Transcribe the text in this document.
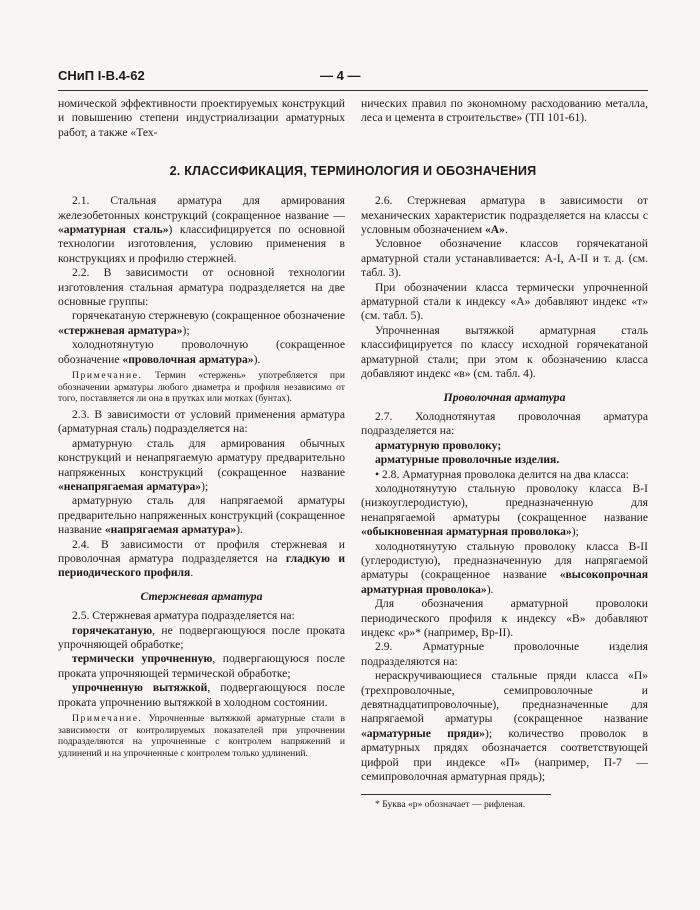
СНиП I-В.4-62	— 4 —

номической эффективности проектируемых конструкций и повышению степени индустриализации арматурных работ, а также «Тех-

нических правил по экономному расходованию металла, леса и цемента в строительстве» (ТП 101-61).

2. КЛАССИФИКАЦИЯ, ТЕРМИНОЛОГИЯ И ОБОЗНАЧЕНИЯ

2.1. Стальная арматура для армирования железобетонных конструкций (сокращенное название — «арматурная сталь») классифицируется по основной технологии изготовления, условию применения в конструкциях и профилю стержней.

2.2. В зависимости от основной технологии изготовления стальная арматура подразделяется на две основные группы:

горячекатаную стержневую (сокращенное обозначение «стержневая арматура»);

холоднотянутую проволочную (сокращенное обозначение «проволочная арматура»).

Примечание. Термин «стержень» употребляется при обозначении арматуры любого диаметра и профиля независимо от того, поставляется ли она в прутках или мотках (бунтах).

2.3. В зависимости от условий применения арматура (арматурная сталь) подразделяется на:

арматурную сталь для армирования обычных конструкций и ненапрягаемую арматуру предварительно напряженных конструкций (сокращенное название «ненапрягаемая арматура»);

арматурную сталь для напрягаемой арматуры предварительно напряженных конструкций (сокращенное название «напрягаемая арматура»).

2.4. В зависимости от профиля стержневая и проволочная арматура подразделяется на гладкую и периодического профиля.

Стержневая арматура

2.5. Стержневая арматура подразделяется на:

горячекатаную, не подвергающуюся после проката упрочняющей обработке;

термически упрочненную, подвергающуюся после проката упрочняющей термической обработке;

упрочненную вытяжкой, подвергающуюся после проката упрочнению вытяжкой в холодном состоянии.

Примечание. Упрочненные вытяжкой арматурные стали в зависимости от контролируемых показателей при упрочнении подразделяются на упрочненные с контролем напряжений и удлинений и на упрочненные с контролем только удлинений.

2.6. Стержневая арматура в зависимости от механических характеристик подразделяется на классы с условным обозначением «А».

Условное обозначение классов горячекатаной арматурной стали устанавливается: А-I, А-II и т. д. (см. табл. 3).

При обозначении класса термически упрочненной арматурной стали к индексу «А» добавляют индекс «т» (см. табл. 5).

Упрочненная вытяжкой арматурная сталь классифицируется по классу исходной горячекатаной арматурной стали; при этом к обозначению класса добавляют индекс «в» (см. табл. 4).

Проволочная арматура

2.7. Холоднотянутая проволочная арматура подразделяется на:

арматурную проволоку;

арматурные проволочные изделия.

• 2.8. Арматурная проволока делится на два класса:

холоднотянутую стальную проволоку класса В-I (низкоуглеродистую), предназначенную для ненапрягаемой арматуры (сокращенное название «обыкновенная арматурная проволока»);

холоднотянутую стальную проволоку класса В-II (углеродистую), предназначенную для напрягаемой арматуры (сокращенное название «высокопрочная арматурная проволока»).

Для обозначения арматурной проволоки периодического профиля к индексу «В» добавляют индекс «р»* (например, Вр-II).

2.9. Арматурные проволочные изделия подразделяются на:

нераскручивающиеся стальные пряди класса «П» (трехпроволочные, семипроволочные и девятнадцатипроволочные), предназначенные для напрягаемой арматуры (сокращенное название «арматурные пряди»); количество проволок в арматурных прядях обозначается соответствующей цифрой при индексе «П» (например, П-7 — семипроволочная арматурная прядь);

* Буква «р» обозначает — рифленая.
